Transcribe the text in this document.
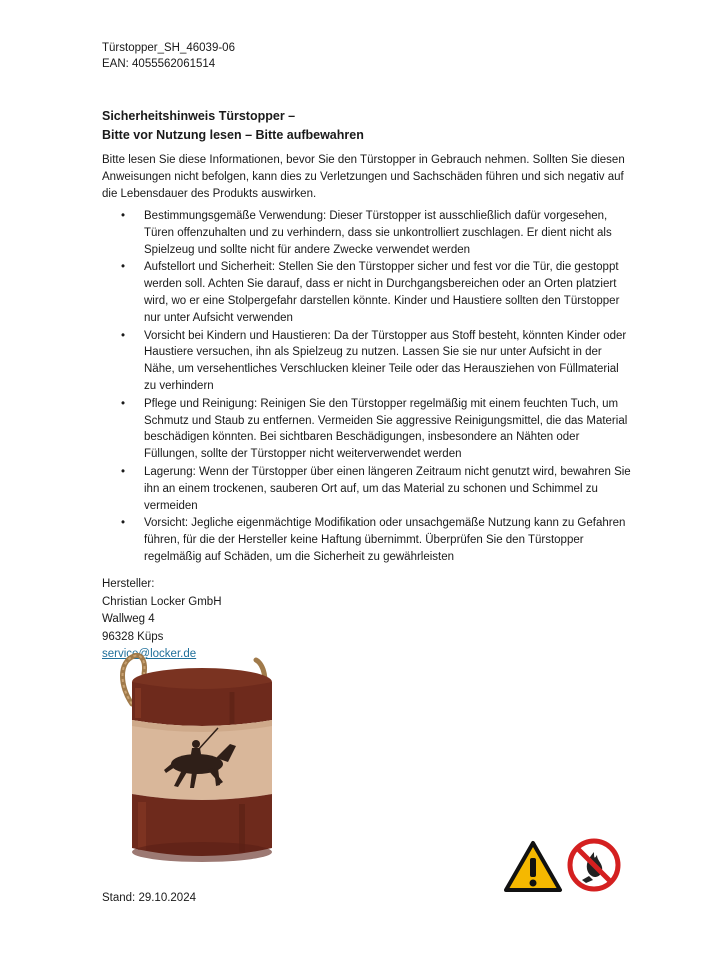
Türstopper_SH_46039-06
EAN: 4055562061514
Sicherheitshinweis Türstopper –
Bitte vor Nutzung lesen – Bitte aufbewahren
Bitte lesen Sie diese Informationen, bevor Sie den Türstopper in Gebrauch nehmen. Sollten Sie diesen Anweisungen nicht befolgen, kann dies zu Verletzungen und Sachschäden führen und sich negativ auf die Lebensdauer des Produkts auswirken.
• Bestimmungsgemäße Verwendung: Dieser Türstopper ist ausschließlich dafür vorgesehen, Türen offenzuhalten und zu verhindern, dass sie unkontrolliert zuschlagen. Er dient nicht als Spielzeug und sollte nicht für andere Zwecke verwendet werden
• Aufstellort und Sicherheit: Stellen Sie den Türstopper sicher und fest vor die Tür, die gestoppt werden soll. Achten Sie darauf, dass er nicht in Durchgangsbereichen oder an Orten platziert wird, wo er eine Stolpergefahr darstellen könnte. Kinder und Haustiere sollten den Türstopper nur unter Aufsicht verwenden
• Vorsicht bei Kindern und Haustieren: Da der Türstopper aus Stoff besteht, könnten Kinder oder Haustiere versuchen, ihn als Spielzeug zu nutzen. Lassen Sie sie nur unter Aufsicht in der Nähe, um versehentliches Verschlucken kleiner Teile oder das Herausziehen von Füllmaterial zu verhindern
• Pflege und Reinigung: Reinigen Sie den Türstopper regelmäßig mit einem feuchten Tuch, um Schmutz und Staub zu entfernen. Vermeiden Sie aggressive Reinigungsmittel, die das Material beschädigen könnten. Bei sichtbaren Beschädigungen, insbesondere an Nähten oder Füllungen, sollte der Türstopper nicht weiterverwendet werden
• Lagerung: Wenn der Türstopper über einen längeren Zeitraum nicht genutzt wird, bewahren Sie ihn an einem trockenen, sauberen Ort auf, um das Material zu schonen und Schimmel zu vermeiden
• Vorsicht: Jegliche eigenmächtige Modifikation oder unsachgemäße Nutzung kann zu Gefahren führen, für die der Hersteller keine Haftung übernimmt. Überprüfen Sie den Türstopper regelmäßig auf Schäden, um die Sicherheit zu gewährleisten
Hersteller:
Christian Locker GmbH
Wallweg 4
96328 Küps
service@locker.de
Stand: 29.10.2024
